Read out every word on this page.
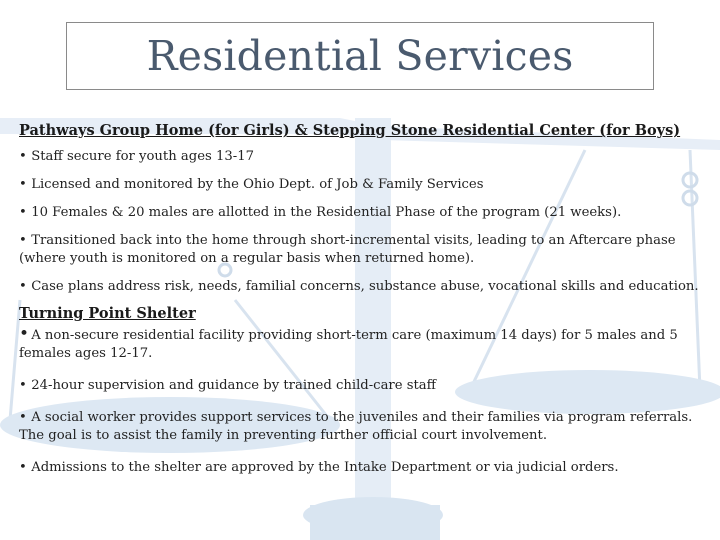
Residential Services
Pathways Group Home (for Girls) & Stepping Stone Residential Center (for Boys)
• Staff secure for youth ages 13-17
• Licensed and monitored by the Ohio Dept. of Job & Family Services
• 10 Females & 20 males are allotted in the Residential Phase of the program (21 weeks).
• Transitioned back into the home through short-incremental visits, leading to an Aftercare phase (where youth is monitored on a regular basis when returned home).
• Case plans address risk, needs, familial concerns, substance abuse, vocational skills and education.
Turning Point Shelter
• A non-secure residential facility providing short-term care (maximum 14 days) for 5 males and 5 females ages 12-17.
• 24-hour supervision and guidance by trained child-care staff
• A social worker provides support services to the juveniles and their families via program referrals. The goal is to assist the family in preventing further official court involvement.
• Admissions to the shelter are approved by the Intake Department or via judicial orders.
